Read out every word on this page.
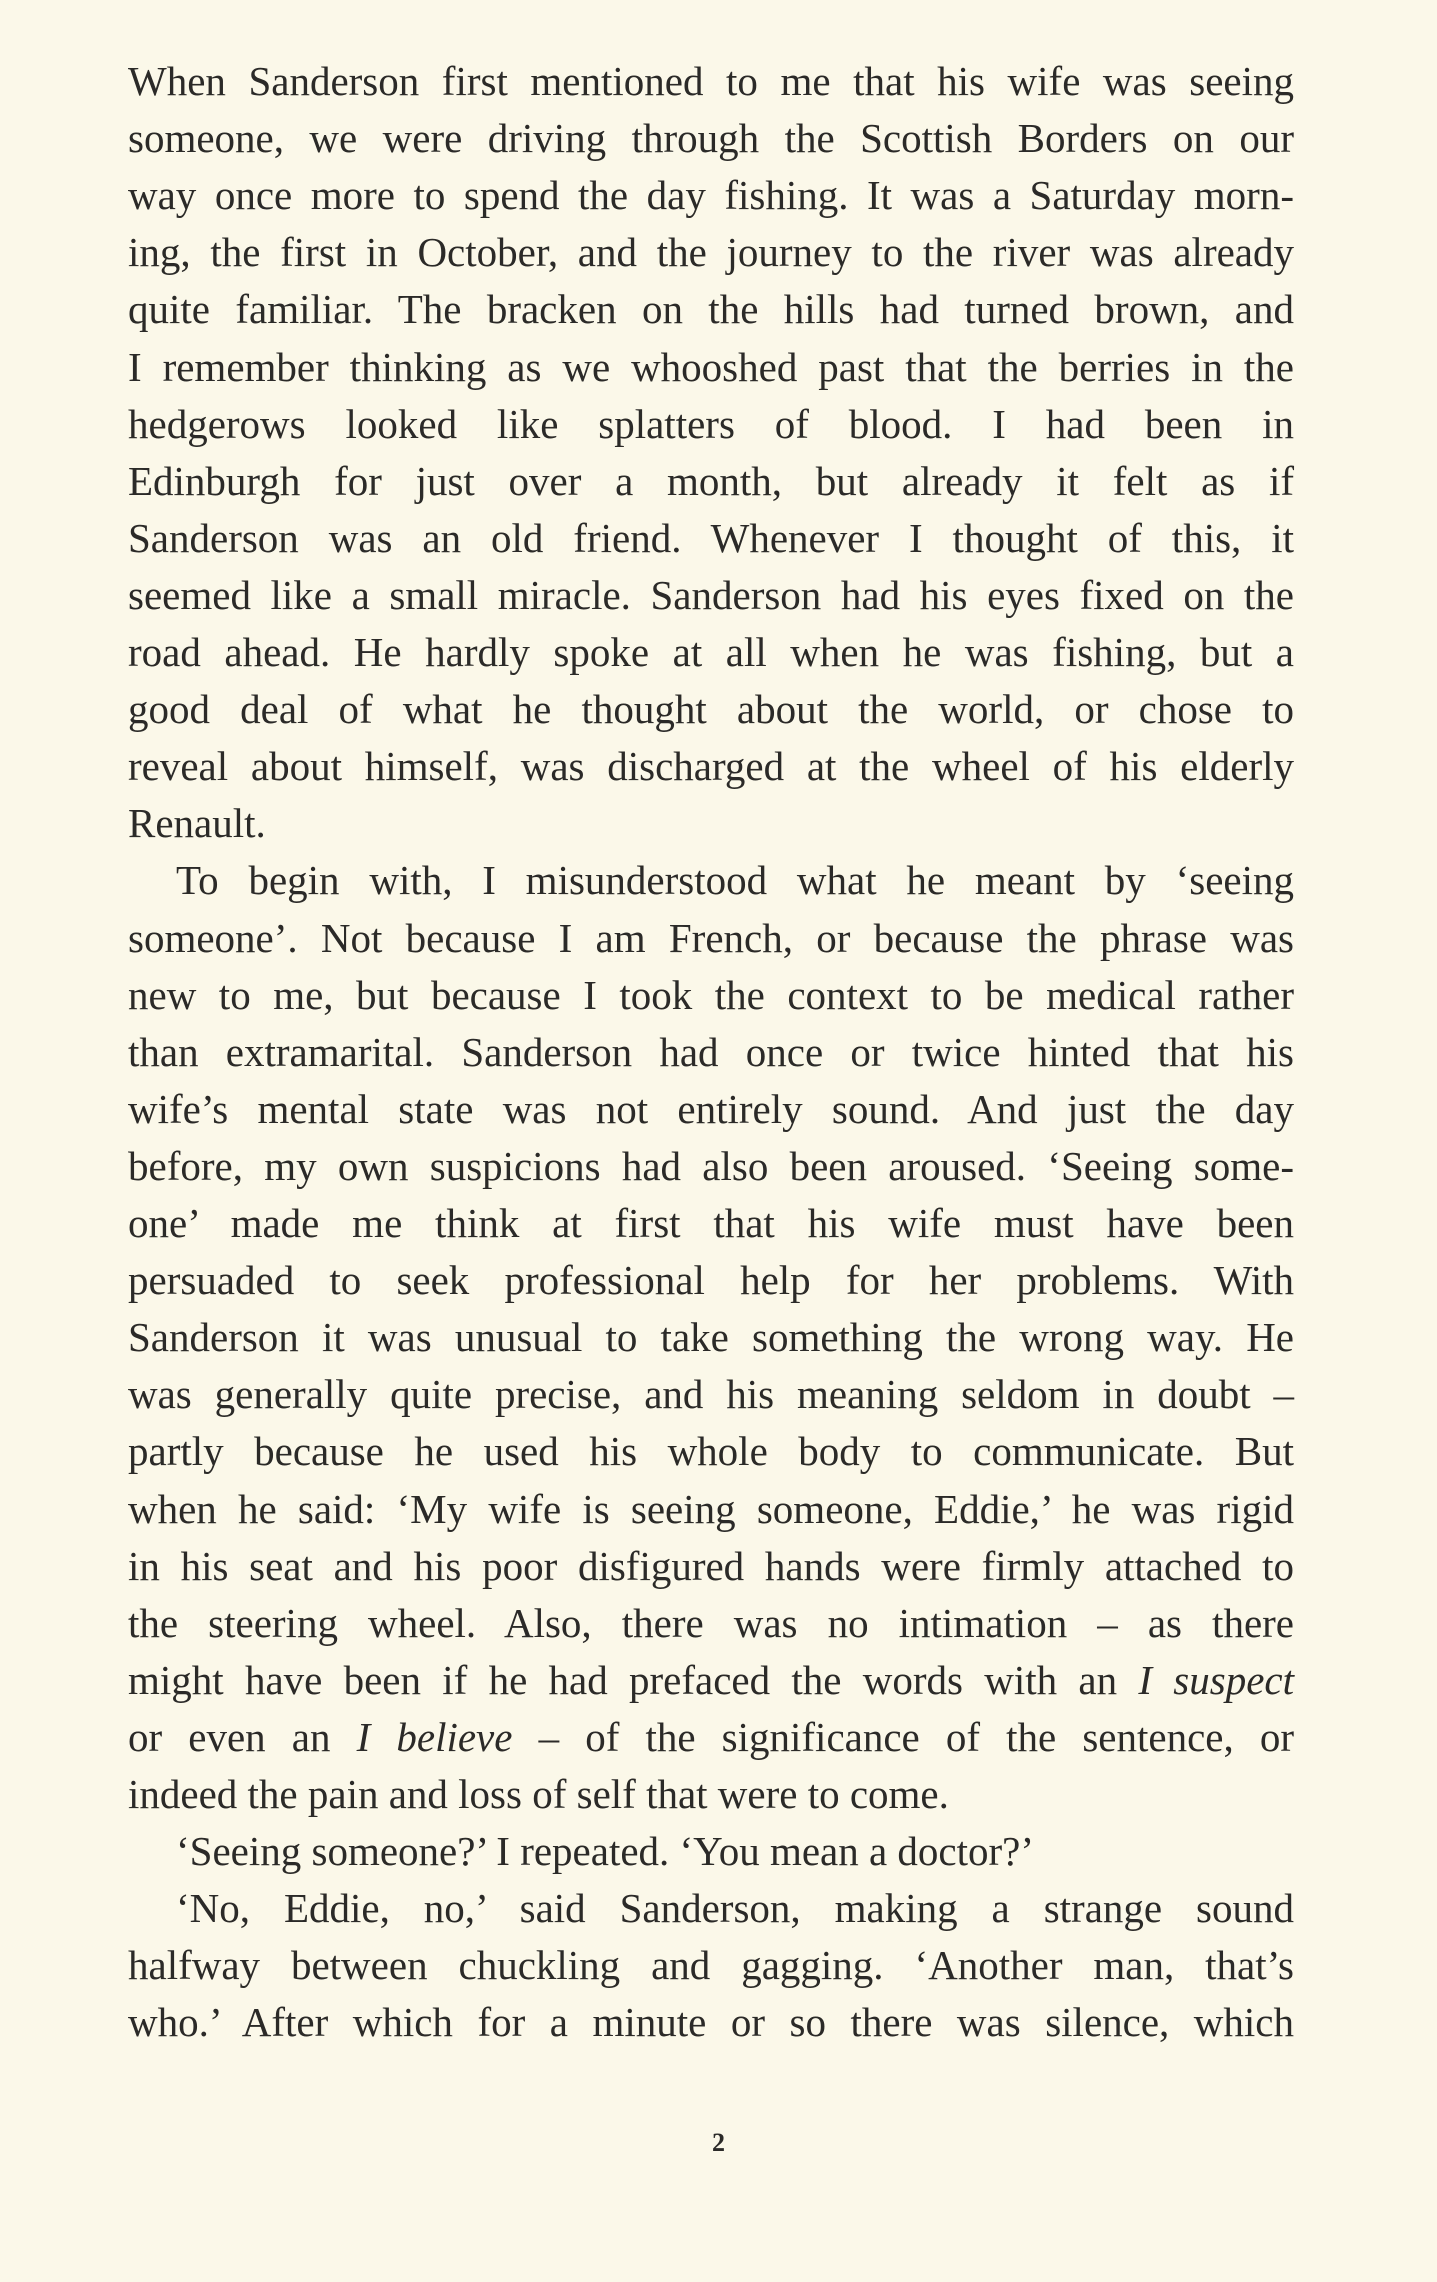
When Sanderson first mentioned to me that his wife was seeing
someone, we were driving through the Scottish Borders on our
way once more to spend the day fishing. It was a Saturday morn-
ing, the first in October, and the journey to the river was already
quite familiar. The bracken on the hills had turned brown, and
I remember thinking as we whooshed past that the berries in the
hedgerows looked like splatters of blood. I had been in
Edinburgh for just over a month, but already it felt as if
Sanderson was an old friend. Whenever I thought of this, it
seemed like a small miracle. Sanderson had his eyes fixed on the
road ahead. He hardly spoke at all when he was fishing, but a
good deal of what he thought about the world, or chose to
reveal about himself, was discharged at the wheel of his elderly
Renault.
To begin with, I misunderstood what he meant by ‘seeing
someone’. Not because I am French, or because the phrase was
new to me, but because I took the context to be medical rather
than extramarital. Sanderson had once or twice hinted that his
wife’s mental state was not entirely sound. And just the day
before, my own suspicions had also been aroused. ‘Seeing some-
one’ made me think at first that his wife must have been
persuaded to seek professional help for her problems. With
Sanderson it was unusual to take something the wrong way. He
was generally quite precise, and his meaning seldom in doubt –
partly because he used his whole body to communicate. But
when he said: ‘My wife is seeing someone, Eddie,’ he was rigid
in his seat and his poor disfigured hands were firmly attached to
the steering wheel. Also, there was no intimation – as there
might have been if he had prefaced the words with an I suspect
or even an I believe – of the significance of the sentence, or
indeed the pain and loss of self that were to come.
‘Seeing someone?’ I repeated. ‘You mean a doctor?’
‘No, Eddie, no,’ said Sanderson, making a strange sound
halfway between chuckling and gagging. ‘Another man, that’s
who.’ After which for a minute or so there was silence, which
2
